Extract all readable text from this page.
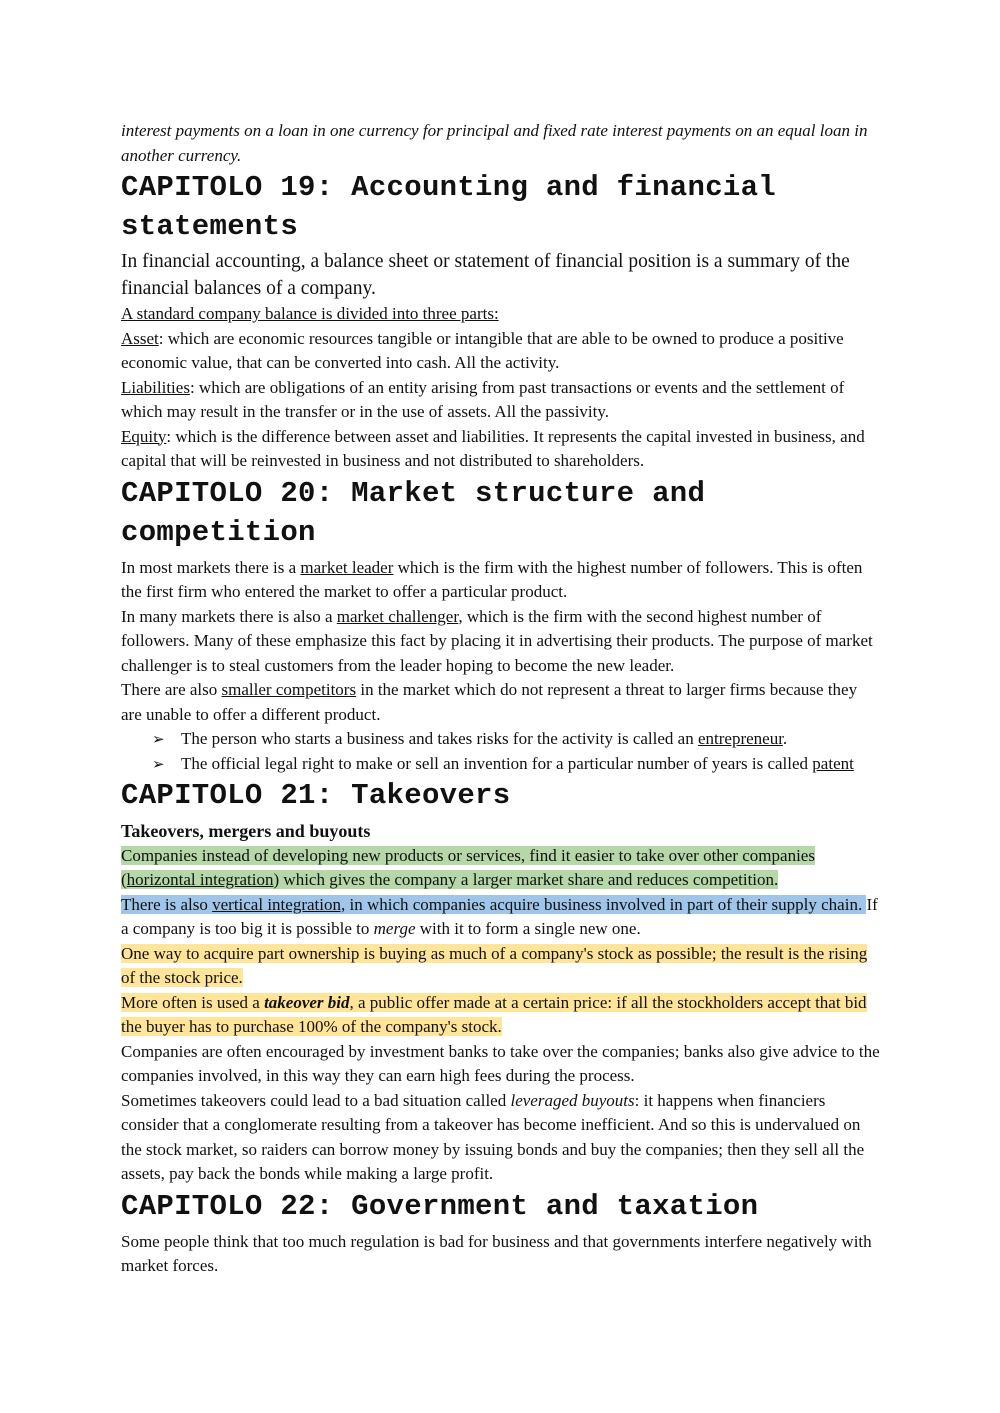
interest payments on a loan in one currency for principal and fixed rate interest payments on an equal loan in another currency.

CAPITOLO 19: Accounting and financial statements

In financial accounting, a balance sheet or statement of financial position is a summary of the financial balances of a company.

A standard company balance is divided into three parts:

Asset: which are economic resources tangible or intangible that are able to be owned to produce a positive economic value, that can be converted into cash. All the activity.

Liabilities: which are obligations of an entity arising from past transactions or events and the settlement of which may result in the transfer or in the use of assets. All the passivity.

Equity: which is the difference between asset and liabilities. It represents the capital invested in business, and capital that will be reinvested in business and not distributed to shareholders.

CAPITOLO 20: Market structure and competition

In most markets there is a market leader which is the firm with the highest number of followers. This is often the first firm who entered the market to offer a particular product.

In many markets there is also a market challenger, which is the firm with the second highest number of followers. Many of these emphasize this fact by placing it in advertising their products. The purpose of market challenger is to steal customers from the leader hoping to become the new leader.

There are also smaller competitors in the market which do not represent a threat to larger firms because they are unable to offer a different product.

➢ The person who starts a business and takes risks for the activity is called an entrepreneur.
➢ The official legal right to make or sell an invention for a particular number of years is called patent
CAPITOLO 21: Takeovers
Takeovers, mergers and buyouts

Companies instead of developing new products or services, find it easier to take over other companies (horizontal integration) which gives the company a larger market share and reduces competition.

There is also vertical integration, in which companies acquire business involved in part of their supply chain. If a company is too big it is possible to merge with it to form a single new one.

One way to acquire part ownership is buying as much of a company's stock as possible; the result is the rising of the stock price.

More often is used a takeover bid, a public offer made at a certain price: if all the stockholders accept that bid the buyer has to purchase 100% of the company's stock.

Companies are often encouraged by investment banks to take over the companies; banks also give advice to the companies involved, in this way they can earn high fees during the process.

Sometimes takeovers could lead to a bad situation called leveraged buyouts: it happens when financiers consider that a conglomerate resulting from a takeover has become inefficient. And so this is undervalued on the stock market, so raiders can borrow money by issuing bonds and buy the companies; then they sell all the assets, pay back the bonds while making a large profit.

CAPITOLO 22: Government and taxation

Some people think that too much regulation is bad for business and that governments interfere negatively with market forces.
